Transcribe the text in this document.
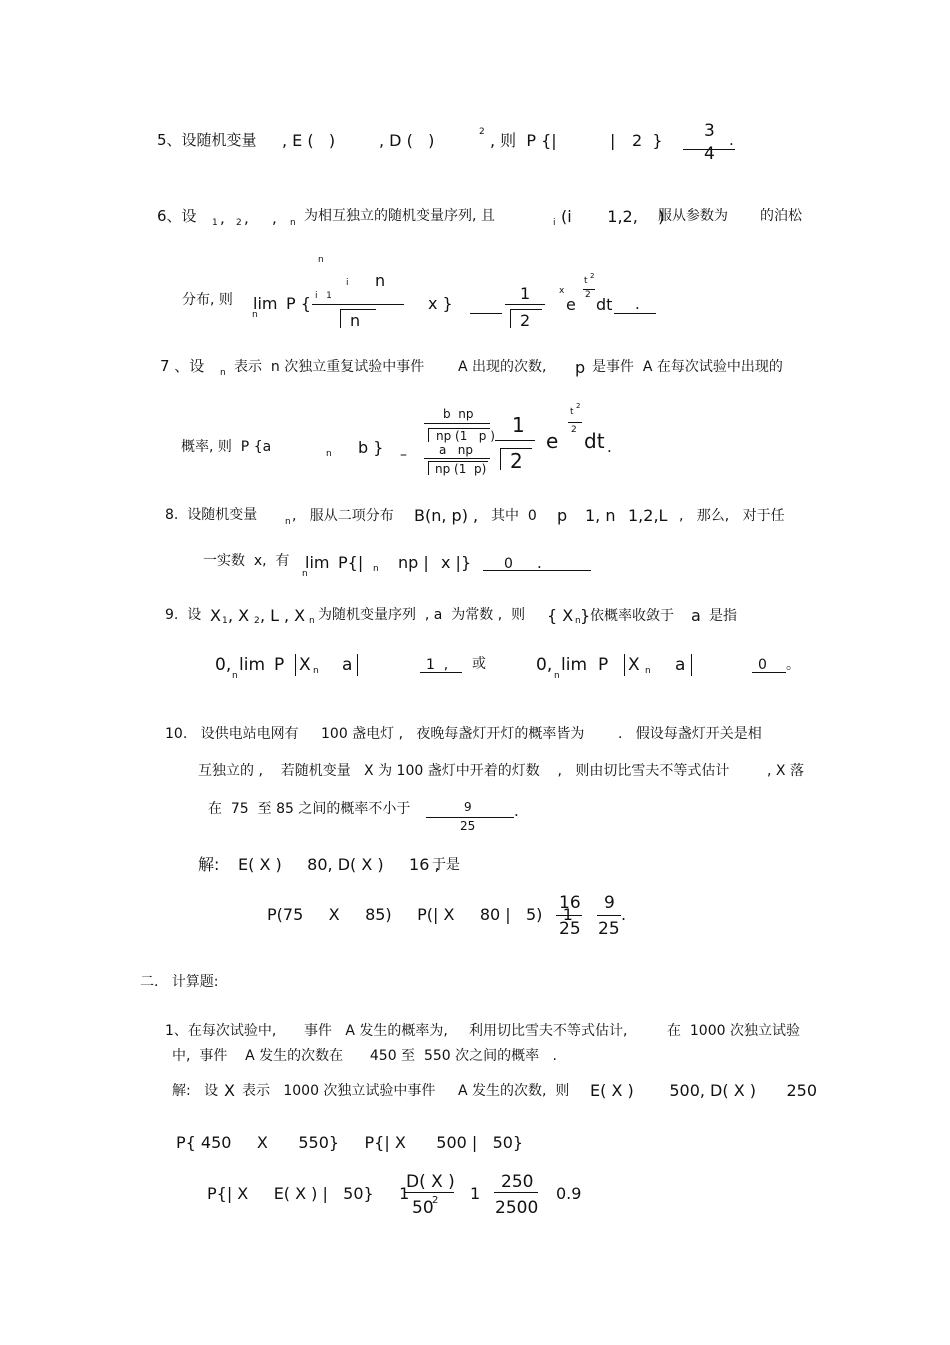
5、设随机变量 , E (   )	, D (   )	2 , 则  P {|	| 2  } 3
4
.
6、设 1 , 2 , , n 为相互独立的随机变量序列, 且	i (i       1,2,    )
服从参数为 的泊松
n
i n
分布, 则 lim
n
P { i   1
n
x }
1
2
x
e
t 2
2 dt .
7 、设 n 表示  n 次独立重复试验中事件 A 出现的次数, p 是事件  A 在每次试验中出现的
概率, 则  P {a	n b } –
b  np
np (1   p )
a   np
np (1  p)
1
2
e
t
2
2 dt .
8.  设随机变量	n ,   服从二项分布 B(n, p) , 其中  0 p 1, n 1,2,L ,   那么,   对于任
一实数  x,  有 lim
n
P{| n np | x |} 0 .
9.  设 X 1 , X 2 , L , X n 为随机变量序列  , a  为常数 ,  则 { X n } 依概率收敛于 a 是指
0, lim
n
P X n a	1  , 或	0, lim
n
P X n a	0 。
10.   设供电站电网有 100 盏电灯 ,   夜晚每盏灯开灯的概率皆为 .   假设每盏灯开关是相
互独立的 ,    若随机变量   X 为 100 盏灯中开着的灯数    ,   则由切比雪夫不等式估计	, X 落
在  75  至 85 之间的概率不小于	9
25
.
解: E( X )     80, D( X )     16 ,
于是
P(75     X     85)     P(| X     80 |   5)    1
16
25
9
25
.
二.   计算题:
1、在每次试验中, 事件   A 发生的概率为, 利用切比雪夫不等式估计,	在  1000 次独立试验
中,  事件    A 发生的次数在      450 至  550 次之间的概率   .
解:   设 X 表示   1000 次独立试验中事件 A 发生的次数,  则 E( X )       500, D( X )      250
P{ 450     X      550}     P{| X      500 |   50}
P{| X     E( X ) |   50}     1
D( X )
50
2 1
250
2500
0.9
